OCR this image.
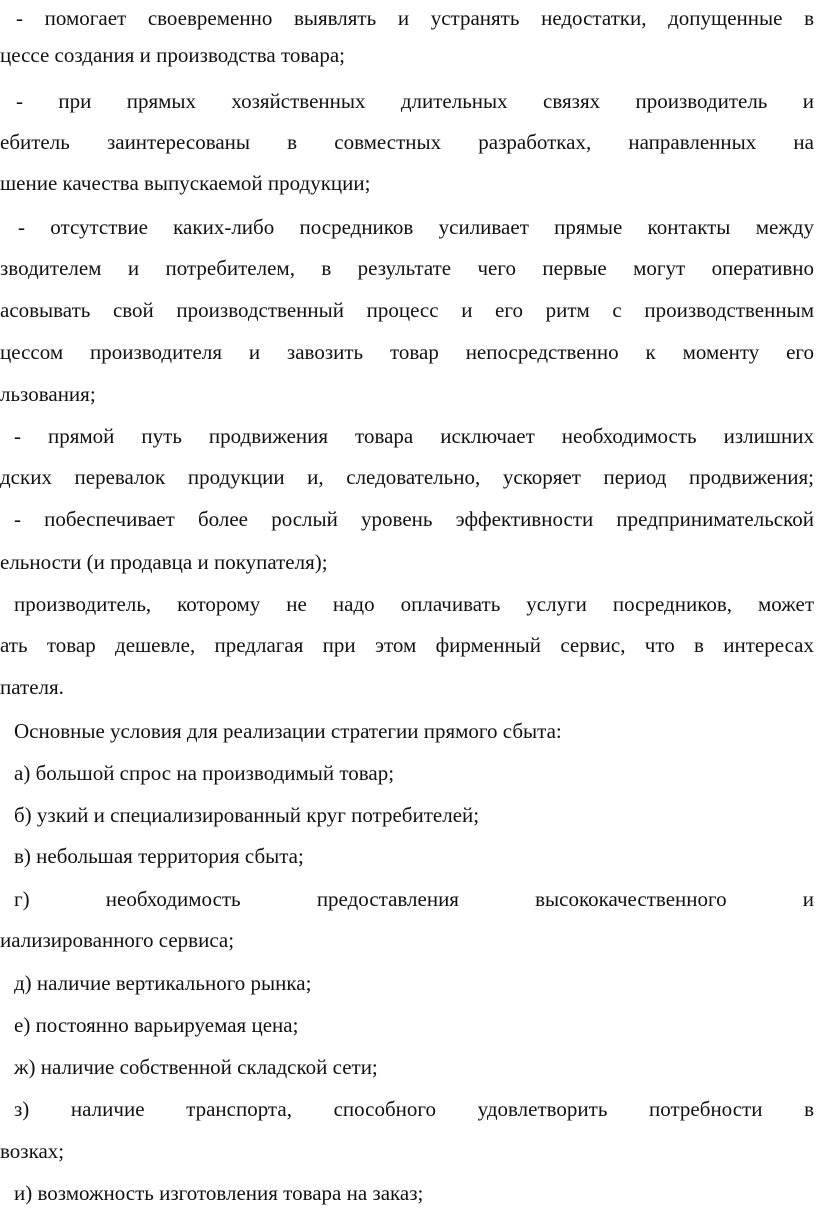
- помогает своевременно выявлять и устранять недостатки, допущенные в

цессе создания и производства товара;

- при прямых хозяйственных длительных связях производитель и

ебитель заинтересованы в совместных разработках, направленных на

шение качества выпускаемой продукции;

- отсутствие каких-либо посредников усиливает прямые контакты между

зводителем и потребителем, в результате чего первые могут оперативно

асовывать свой производственный процесс и его ритм с производственным

цессом производителя и завозить товар непосредственно к моменту его

льзования;

- прямой путь продвижения товара исключает необходимость излишних

дских перевалок продукции и, следовательно, ускоряет период продвижения;

- побеспечивает более рослый уровень эффективности предпринимательской

ельности (и продавца и покупателя);

производитель, которому не надо оплачивать услуги посредников, может

ать товар дешевле, предлагая при этом фирменный сервис, что в интересах

пателя.

Основные условия для реализации стратегии прямого сбыта:

а) большой спрос на производимый товар;

б) узкий и специализированный круг потребителей;

в) небольшая территория сбыта;

г) необходимость предоставления высококачественного и

иализированного сервиса;

д) наличие вертикального рынка;

е) постоянно варьируемая цена;

ж) наличие собственной складской сети;

з) наличие транспорта, способного удовлетворить потребности в

возках;

и) возможность изготовления товара на заказ;
